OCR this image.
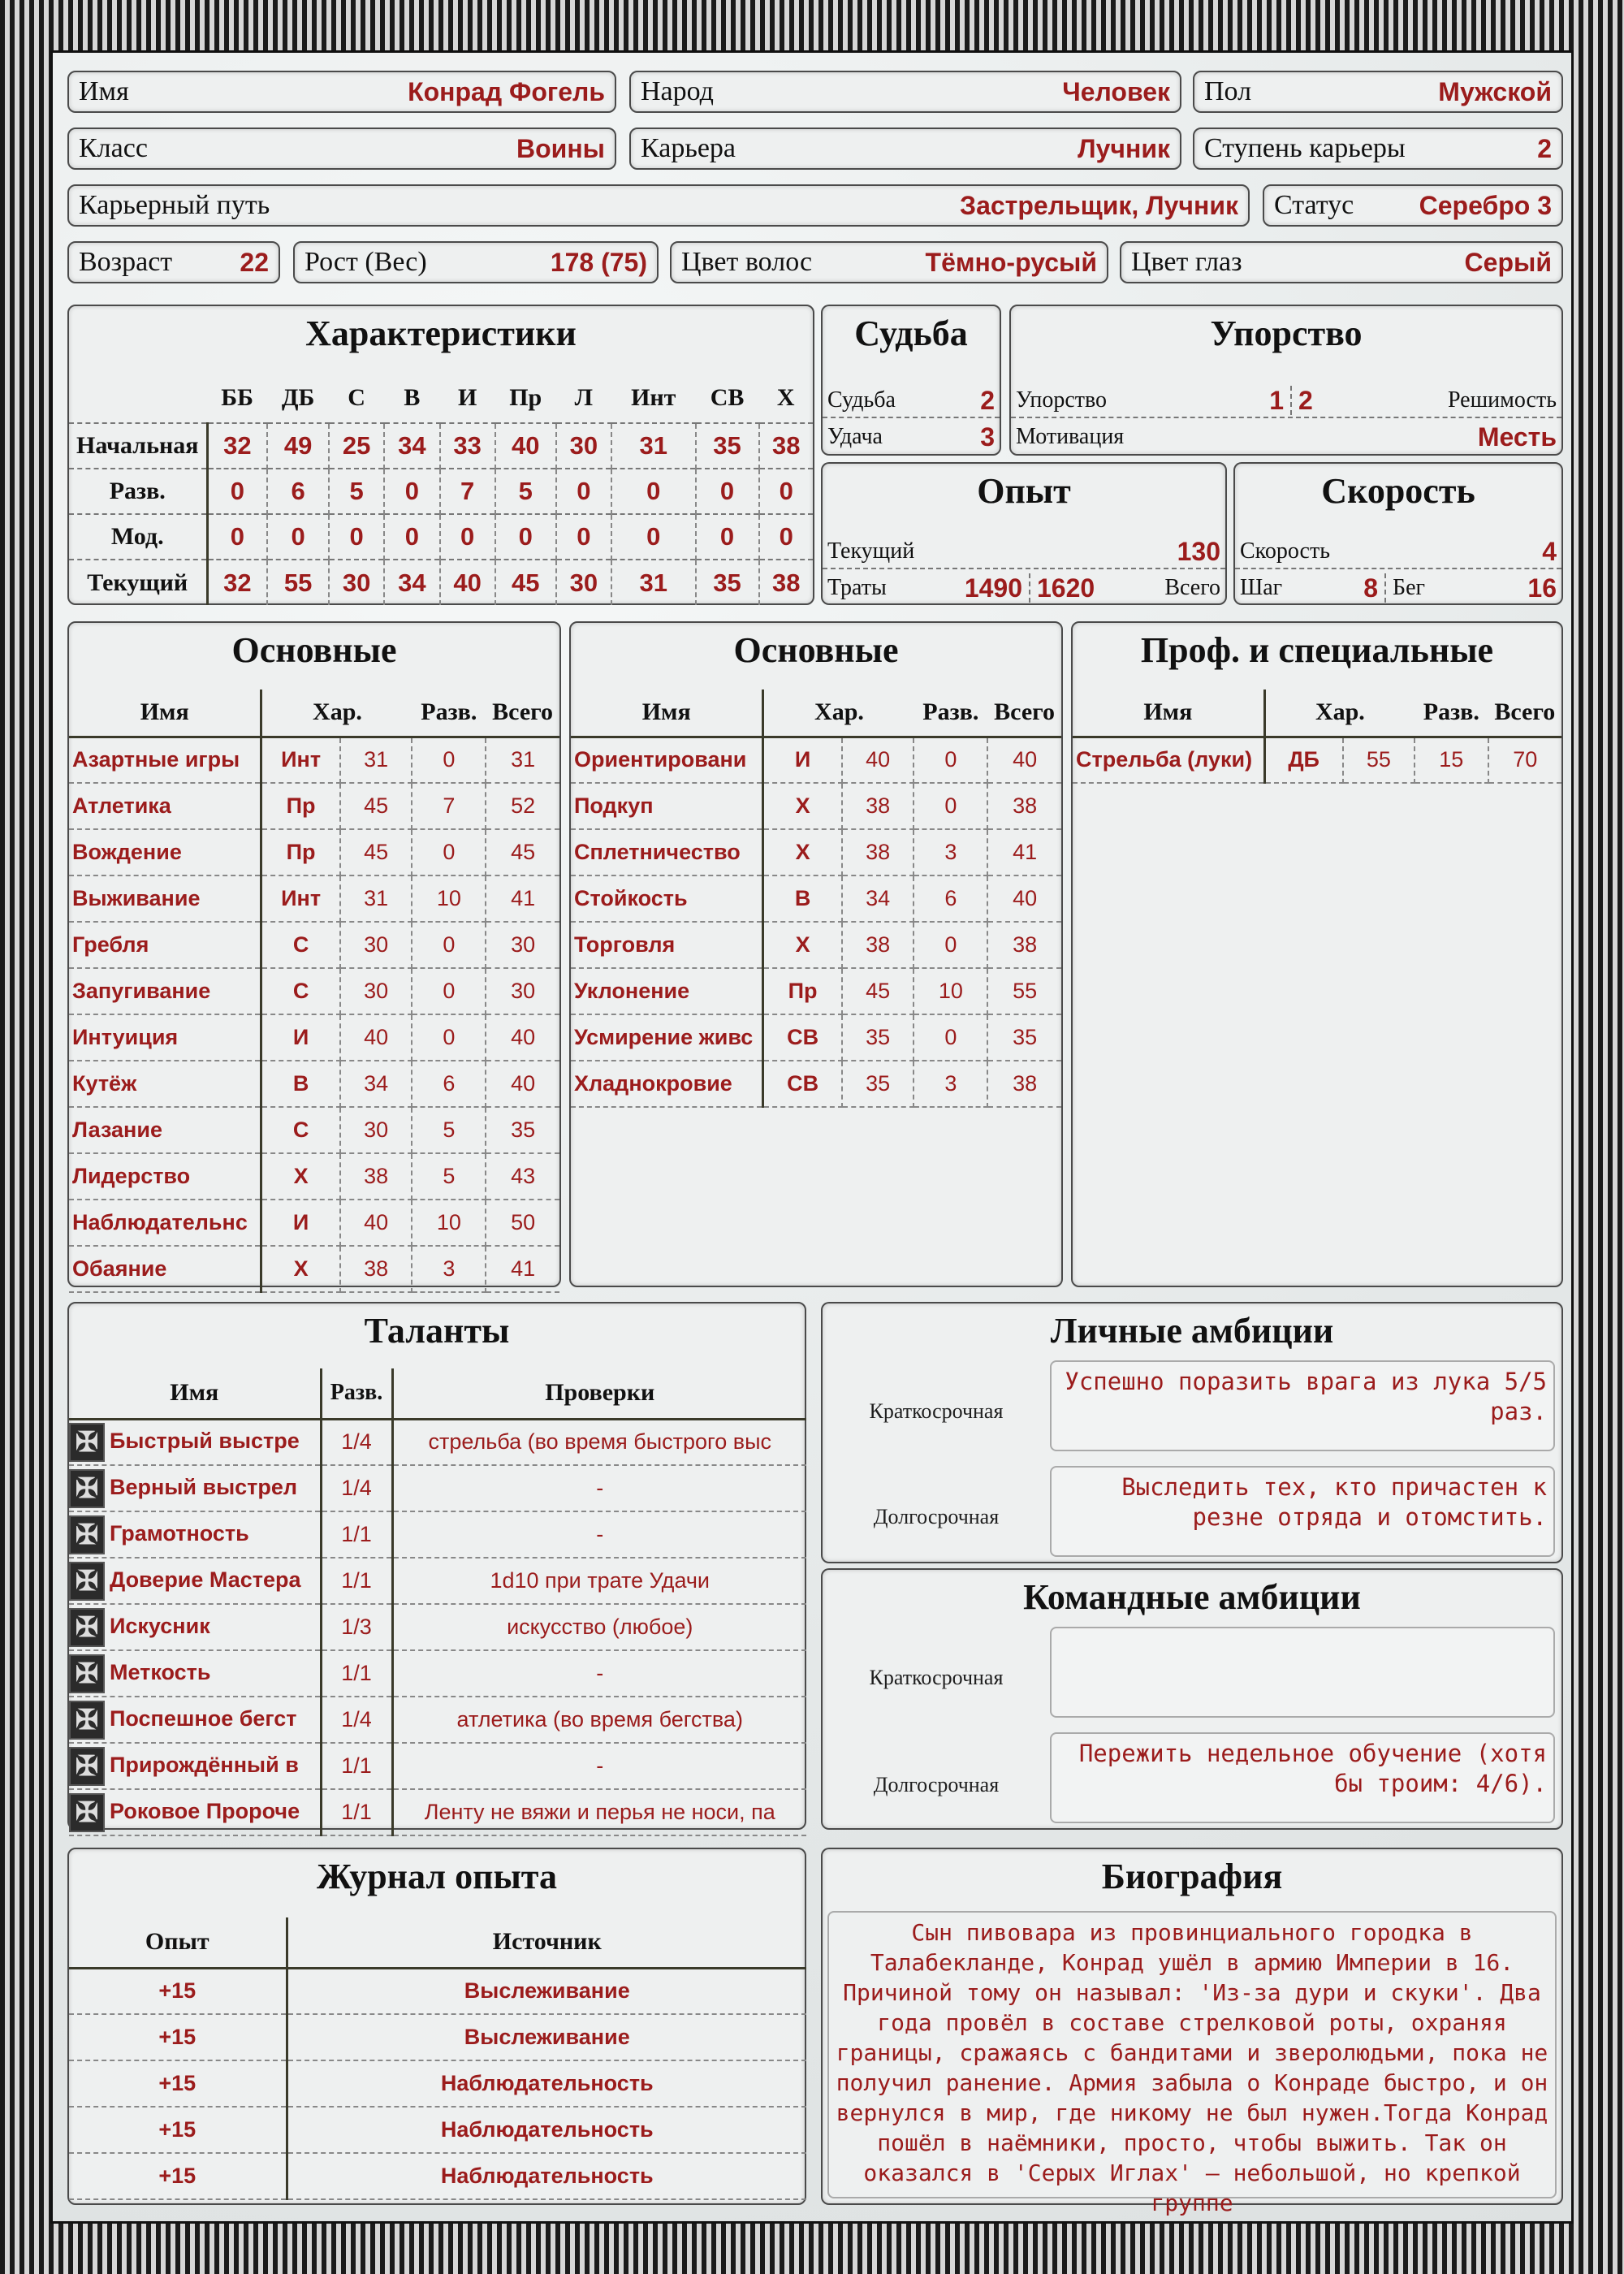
Имя	Конрад Фогель Народ	Человек Пол	Мужской
Класс	Воины Карьера	Лучник Ступень карьеры	2
Карьерный путь	Застрельщик, Лучник Статус	Серебро 3
Возраст	22 Рост (Вес)	178 (75) Цвет волос	Тёмно-русый Цвет глаз	Серый
Характеристики
	ББ	ДБ	С	В	И	Пр	Л	Инт	СВ	Х
Начальная	32	49	25	34	33	40	30	31	35	38
Разв.	0	6	5	0	7	5	0	0	0	0
Мод.	0	0	0	0	0	0	0	0	0	0
Текущий	32	55	30	34	40	45	30	31	35	38
Судьба
Судьба	2
Удача	3
Упорство
Упорство	1 2	Решимость
Мотивация	Месть
Опыт
Текущий	130
Траты	1490 1620	Всего
Скорость
Скорость	4
Шаг	8 Бег	16
Основные
Имя	Хар.		Разв.	Всего
Азартные игры	Инт	31	0	31
Атлетика	Пр	45	7	52
Вождение	Пр	45	0	45
Выживание	Инт	31	10	41
Гребля	С	30	0	30
Запугивание	С	30	0	30
Интуиция	И	40	0	40
Кутёж	В	34	6	40
Лазание	С	30	5	35
Лидерство	Х	38	5	43
Наблюдательнс	И	40	10	50
Обаяние	Х	38	3	41
Основные
Имя	Хар.		Разв.	Всего
Ориентировани	И	40	0	40
Подкуп	Х	38	0	38
Сплетничество	Х	38	3	41
Стойкость	В	34	6	40
Торговля	Х	38	0	38
Уклонение	Пр	45	10	55
Усмирение живс	СВ	35	0	35
Хладнокровие	СВ	35	3	38
Проф. и специальные
Имя	Хар.		Разв.	Всего
Стрельба (луки)	ДБ	55	15	70
Таланты
Имя	Разв.	Проверки
✠ Быстрый выстре	1/4	стрельба (во время быстрого выс
✠ Верный выстрел	1/4	-
✠ Грамотность	1/1	-
✠ Доверие Мастера	1/1	1d10 при трате Удачи
✠ Искусник	1/3	искусство (любое)
✠ Меткость	1/1	-
✠ Поспешное бегст	1/4	атлетика (во время бегства)
✠ Прирождённый в	1/1	-
✠ Роковое Пророче	1/1	Ленту не вяжи и перья не носи, па
Личные амбиции
Краткосрочная
Успешно поразить врага из лука 5/5 раз.
Долгосрочная
Выследить тех, кто причастен к резне отряда и отомстить.
Командные амбиции
Краткосрочная
Долгосрочная
Пережить недельное обучение (хотя бы троим: 4/6).
Журнал опыта
Опыт	Источник
+15	Выслеживание
+15	Выслеживание
+15	Наблюдательность
+15	Наблюдательность
+15	Наблюдательность
Биография
Сын пивовара из провинциального городка в Талабекланде, Конрад ушёл в армию Империи в 16. Причиной тому он называл: 'Из-за дури и скуки'. Два года провёл в составе стрелковой роты, охраняя границы, сражаясь с бандитами и зверолюдьми, пока не получил ранение. Армия забыла о Конраде быстро, и он вернулся в мир, где никому не был нужен.Тогда Конрад пошёл в наёмники, просто, чтобы выжить. Так он оказался в 'Серых Иглах' — небольшой, но крепкой группе
